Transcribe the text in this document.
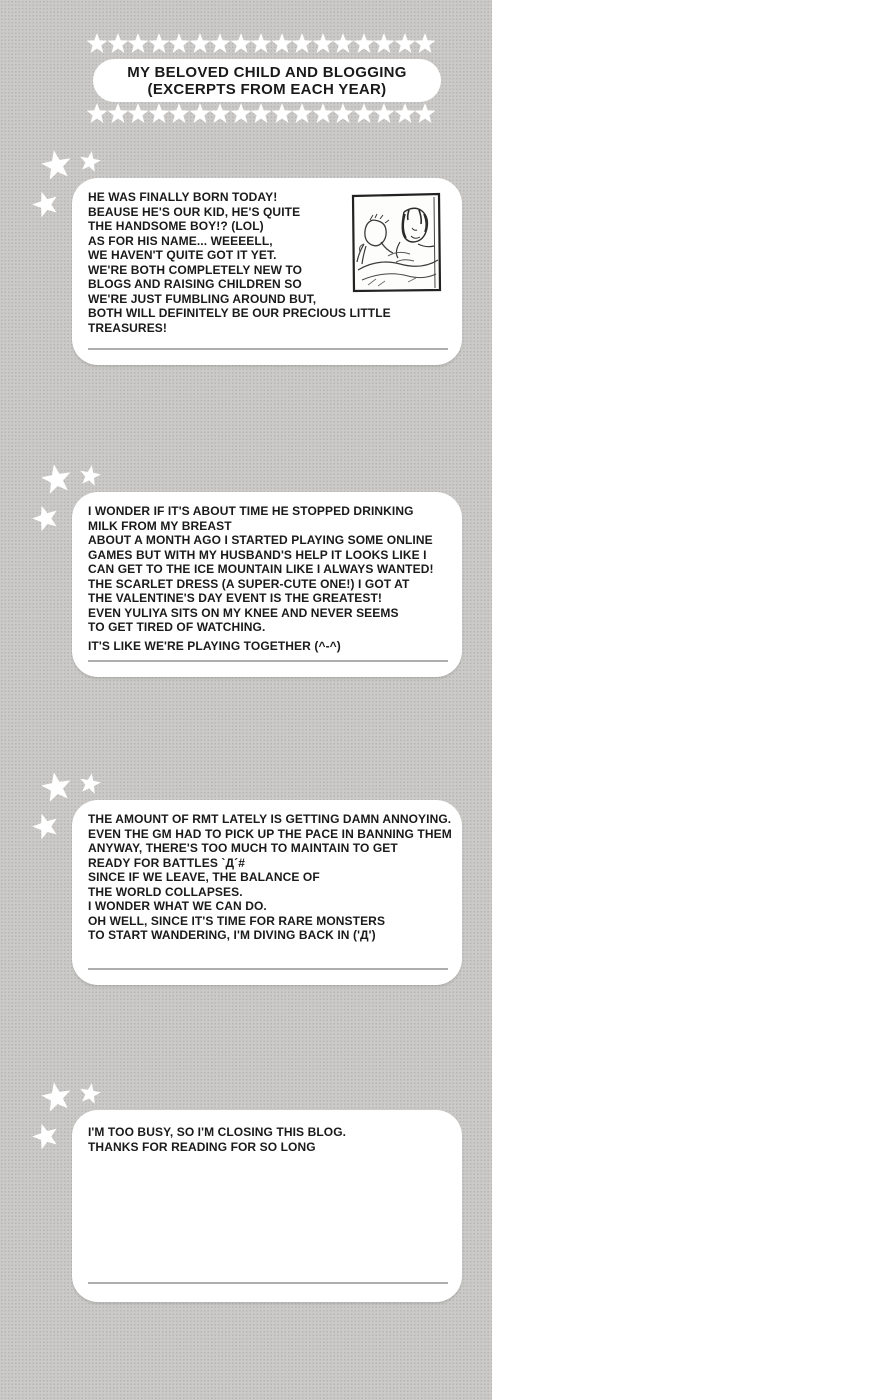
MY BELOVED CHILD AND BLOGGING
(EXCERPTS FROM EACH YEAR)
HE WAS FINALLY BORN TODAY!
BEAUSE HE'S OUR KID, HE'S QUITE
THE HANDSOME BOY!? (LOL)
AS FOR HIS NAME... WEEEELL,
WE HAVEN'T QUITE GOT IT YET.
WE'RE BOTH COMPLETELY NEW TO
BLOGS AND RAISING CHILDREN SO
WE'RE JUST FUMBLING AROUND BUT,
BOTH WILL DEFINITELY BE OUR PRECIOUS LITTLE
TREASURES!
I WONDER IF IT'S ABOUT TIME HE STOPPED DRINKING
MILK FROM MY BREAST
ABOUT A MONTH AGO I STARTED PLAYING SOME ONLINE
GAMES BUT WITH MY HUSBAND'S HELP IT LOOKS LIKE I
CAN GET TO THE ICE MOUNTAIN LIKE I ALWAYS WANTED!
THE SCARLET DRESS (A SUPER-CUTE ONE!) I GOT AT
THE VALENTINE'S DAY EVENT IS THE GREATEST!
EVEN YULIYA SITS ON MY KNEE AND NEVER SEEMS
TO GET TIRED OF WATCHING.
IT'S LIKE WE'RE PLAYING TOGETHER (^-^)
THE AMOUNT OF RMT LATELY IS GETTING DAMN ANNOYING.
EVEN THE GM HAD TO PICK UP THE PACE IN BANNING THEM
ANYWAY, THERE'S TOO MUCH TO MAINTAIN TO GET
READY FOR BATTLES `Д´#
SINCE IF WE LEAVE, THE BALANCE OF
THE WORLD COLLAPSES.
I WONDER WHAT WE CAN DO.
OH WELL, SINCE IT'S TIME FOR RARE MONSTERS
TO START WANDERING, I'M DIVING BACK IN ('Д')
I'M TOO BUSY, SO I'M CLOSING THIS BLOG.
THANKS FOR READING FOR SO LONG
